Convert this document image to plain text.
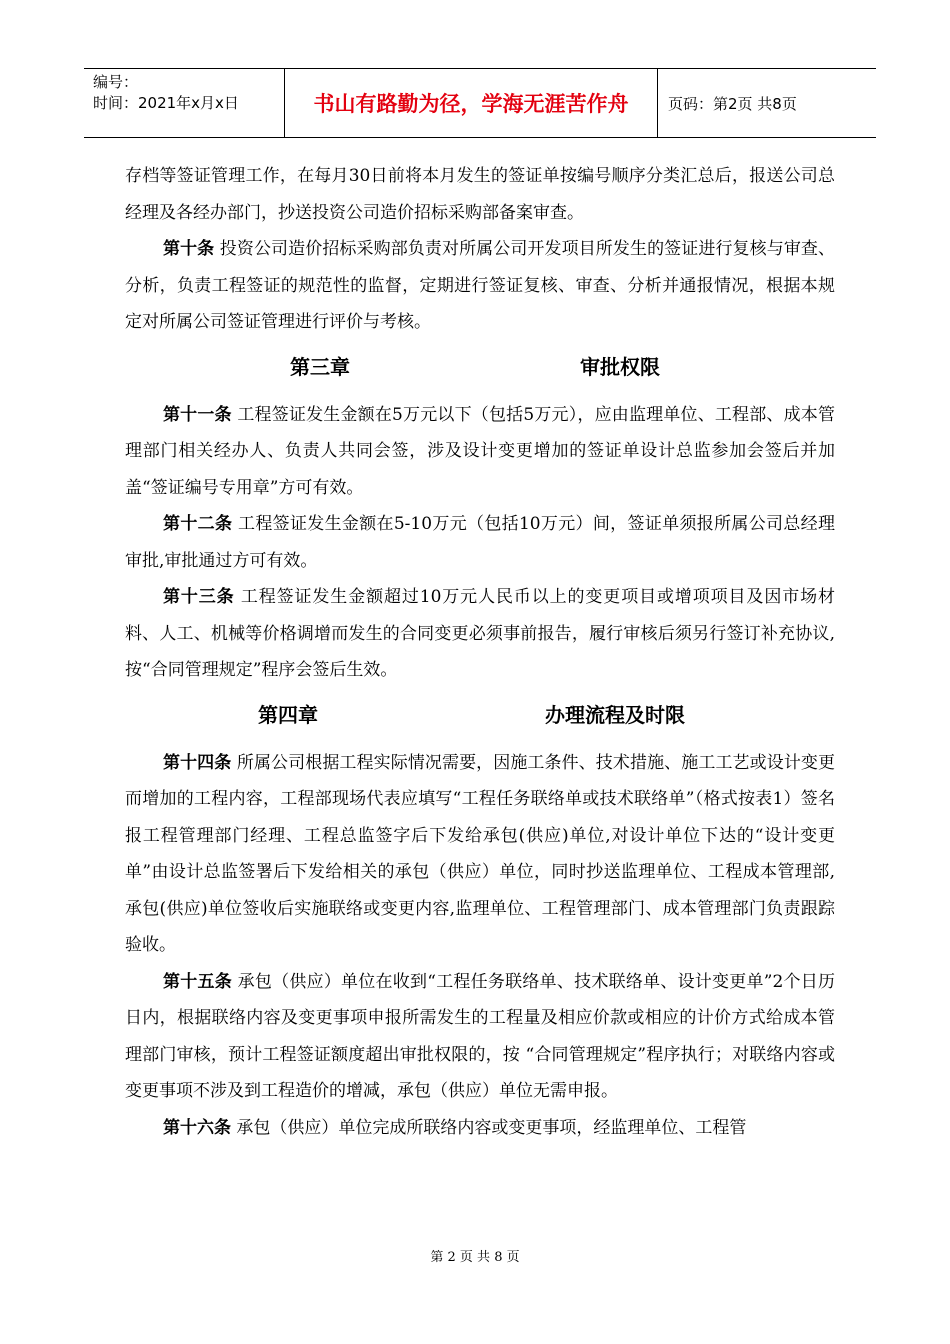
编号：
时间：2021年x月x日	书山有路勤为径，学海无涯苦作舟	页码：第2页 共8页

存档等签证管理工作，在每月30日前将本月发生的签证单按编号顺序分类汇总后，报送公司总经理及各经办部门，抄送投资公司造价招标采购部备案审查。

第十条 投资公司造价招标采购部负责对所属公司开发项目所发生的签证进行复核与审查、分析，负责工程签证的规范性的监督，定期进行签证复核、审查、分析并通报情况，根据本规定对所属公司签证管理进行评价与考核。

第三章	审批权限

第十一条 工程签证发生金额在5万元以下（包括5万元），应由监理单位、工程部、成本管理部门相关经办人、负责人共同会签，涉及设计变更增加的签证单设计总监参加会签后并加盖“签证编号专用章”方可有效。

第十二条 工程签证发生金额在5-10万元（包括10万元）间，签证单须报所属公司总经理审批,审批通过方可有效。

第十三条 工程签证发生金额超过10万元人民币以上的变更项目或增项项目及因市场材料、人工、机械等价格调增而发生的合同变更必须事前报告，履行审核后须另行签订补充协议,按“合同管理规定”程序会签后生效。

第四章	办理流程及时限

第十四条 所属公司根据工程实际情况需要，因施工条件、技术措施、施工工艺或设计变更而增加的工程内容，工程部现场代表应填写“工程任务联络单或技术联络单”（格式按表1）签名报工程管理部门经理、工程总监签字后下发给承包(供应)单位,对设计单位下达的“设计变更单”由设计总监签署后下发给相关的承包（供应）单位，同时抄送监理单位、工程成本管理部,承包(供应)单位签收后实施联络或变更内容,监理单位、工程管理部门、成本管理部门负责跟踪验收。

第十五条 承包（供应）单位在收到“工程任务联络单、技术联络单、设计变更单”2个日历日内，根据联络内容及变更事项申报所需发生的工程量及相应价款或相应的计价方式给成本管理部门审核，预计工程签证额度超出审批权限的，按 “合同管理规定”程序执行；对联络内容或变更事项不涉及到工程造价的增减，承包（供应）单位无需申报。

第十六条 承包（供应）单位完成所联络内容或变更事项，经监理单位、工程管

第 2 页 共 8 页
